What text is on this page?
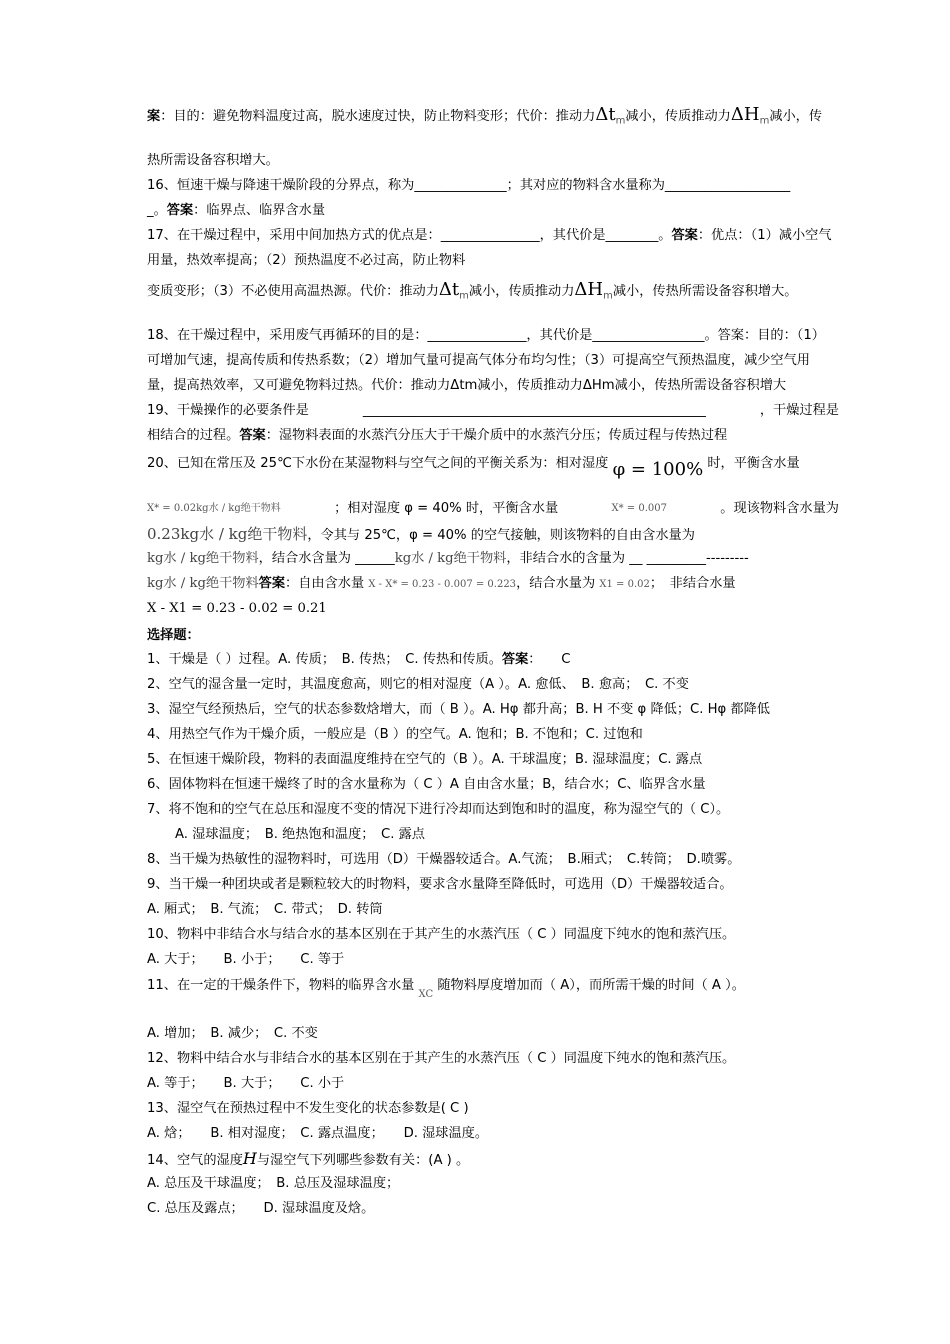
案：目的：避免物料温度过高，脱水速度过快，防止物料变形；代价：推动力$\Delta t_m$减小，传质推动力$\Delta H_m$减小，传
热所需设备容积增大。
16、恒速干燥与降速干燥阶段的分界点，称为______________；其对应的物料含水量称为___________________
_。答案：临界点、临界含水量
17、在干燥过程中，采用中间加热方式的优点是：_______________，其代价是________。答案：优点：（1）减小空气
用量，热效率提高；（2）预热温度不必过高，防止物料
变质变形；（3）不必使用高温热源。代价：推动力$\Delta t_m$减小，传质推动力$\Delta H_m$减小，传热所需设备容积增大。
18、在干燥过程中，采用废气再循环的目的是：_______________，其代价是_________________。答案：目的：（1）
可增加气速，提高传质和传热系数；（2）增加气量可提高气体分布均匀性；（3）可提高空气预热温度，减少空气用
量，提高热效率，又可避免物料过热。代价：推动力Δtm减小，传质推动力ΔHm减小，传热所需设备容积增大
19、干燥操作的必要条件是	____________________________________________________	，干燥过程是
相结合的过程。答案：湿物料表面的水蒸汽分压大于干燥介质中的水蒸汽分压；传质过程与传热过程
20、已知在常压及 25℃下水份在某湿物料与空气之间的平衡关系为：相对湿度 φ = 100% 时，平衡含水量
X* = 0.02kg水 / kg绝干物料	；相对湿度 φ = 40% 时，平衡含水量	X* = 0.007	。现该物料含水量为
0.23kg水 / kg绝干物料，令其与 25℃，φ = 40% 的空气接触，则该物料的自由含水量为
kg水 / kg绝干物料，结合水含量为 ______kg水 / kg绝干物料，非结合水的含量为 __ _________---------
kg水 / kg绝干物料答案：自由含水量 X - X* = 0.23 - 0.007 = 0.223，结合水量为 X1 = 0.02；　非结合水量
X - X1 = 0.23 - 0.02 = 0.21
选择题：
1、干燥是（ ）过程。A. 传质；　B. 传热；　C. 传热和传质。答案：　　C
2、空气的湿含量一定时，其温度愈高，则它的相对湿度（A ）。A. 愈低、　B. 愈高；　C. 不变
3、湿空气经预热后，空气的状态参数焓增大，而（ B ）。A. Hφ 都升高；B. H 不变 φ 降低；C. Hφ 都降低
4、用热空气作为干燥介质，一般应是（B ）的空气。A. 饱和；B. 不饱和；C. 过饱和
5、在恒速干燥阶段，物料的表面温度维持在空气的（B ）。A. 干球温度；B. 湿球温度；C. 露点
6、固体物料在恒速干燥终了时的含水量称为（ C ）A 自由含水量；B，结合水；C、临界含水量
7、将不饱和的空气在总压和湿度不变的情况下进行冷却而达到饱和时的温度，称为湿空气的（ C）。
A. 湿球温度；　B. 绝热饱和温度；　C. 露点
8、当干燥为热敏性的湿物料时，可选用（D）干燥器较适合。A.气流；　B.厢式；　C.转筒；　D.喷雾。
9、当干燥一种团块或者是颗粒较大的时物料，要求含水量降至降低时，可选用（D）干燥器较适合。
A. 厢式；　B. 气流；　C. 带式；　D. 转筒
10、物料中非结合水与结合水的基本区别在于其产生的水蒸汽压（ C ）同温度下纯水的饱和蒸汽压。
A. 大于；　　B. 小于；　　C. 等于
11、在一定的干燥条件下，物料的临界含水量 $_{XC}$ 随物料厚度增加而（ A），而所需干燥的时间（ A ）。
A. 增加；　B. 减少；　C. 不变
12、物料中结合水与非结合水的基本区别在于其产生的水蒸汽压（ C ）同温度下纯水的饱和蒸汽压。
A. 等于；　　B. 大于；　　C. 小于
13、湿空气在预热过程中不发生变化的状态参数是( C )
A. 焓；　　B. 相对湿度；　C. 露点温度；　　D. 湿球温度。
14、空气的湿度H与湿空气下列哪些参数有关：(A ) 。
A. 总压及干球温度；　B. 总压及湿球温度；
C. 总压及露点；　　D. 湿球温度及焓。
